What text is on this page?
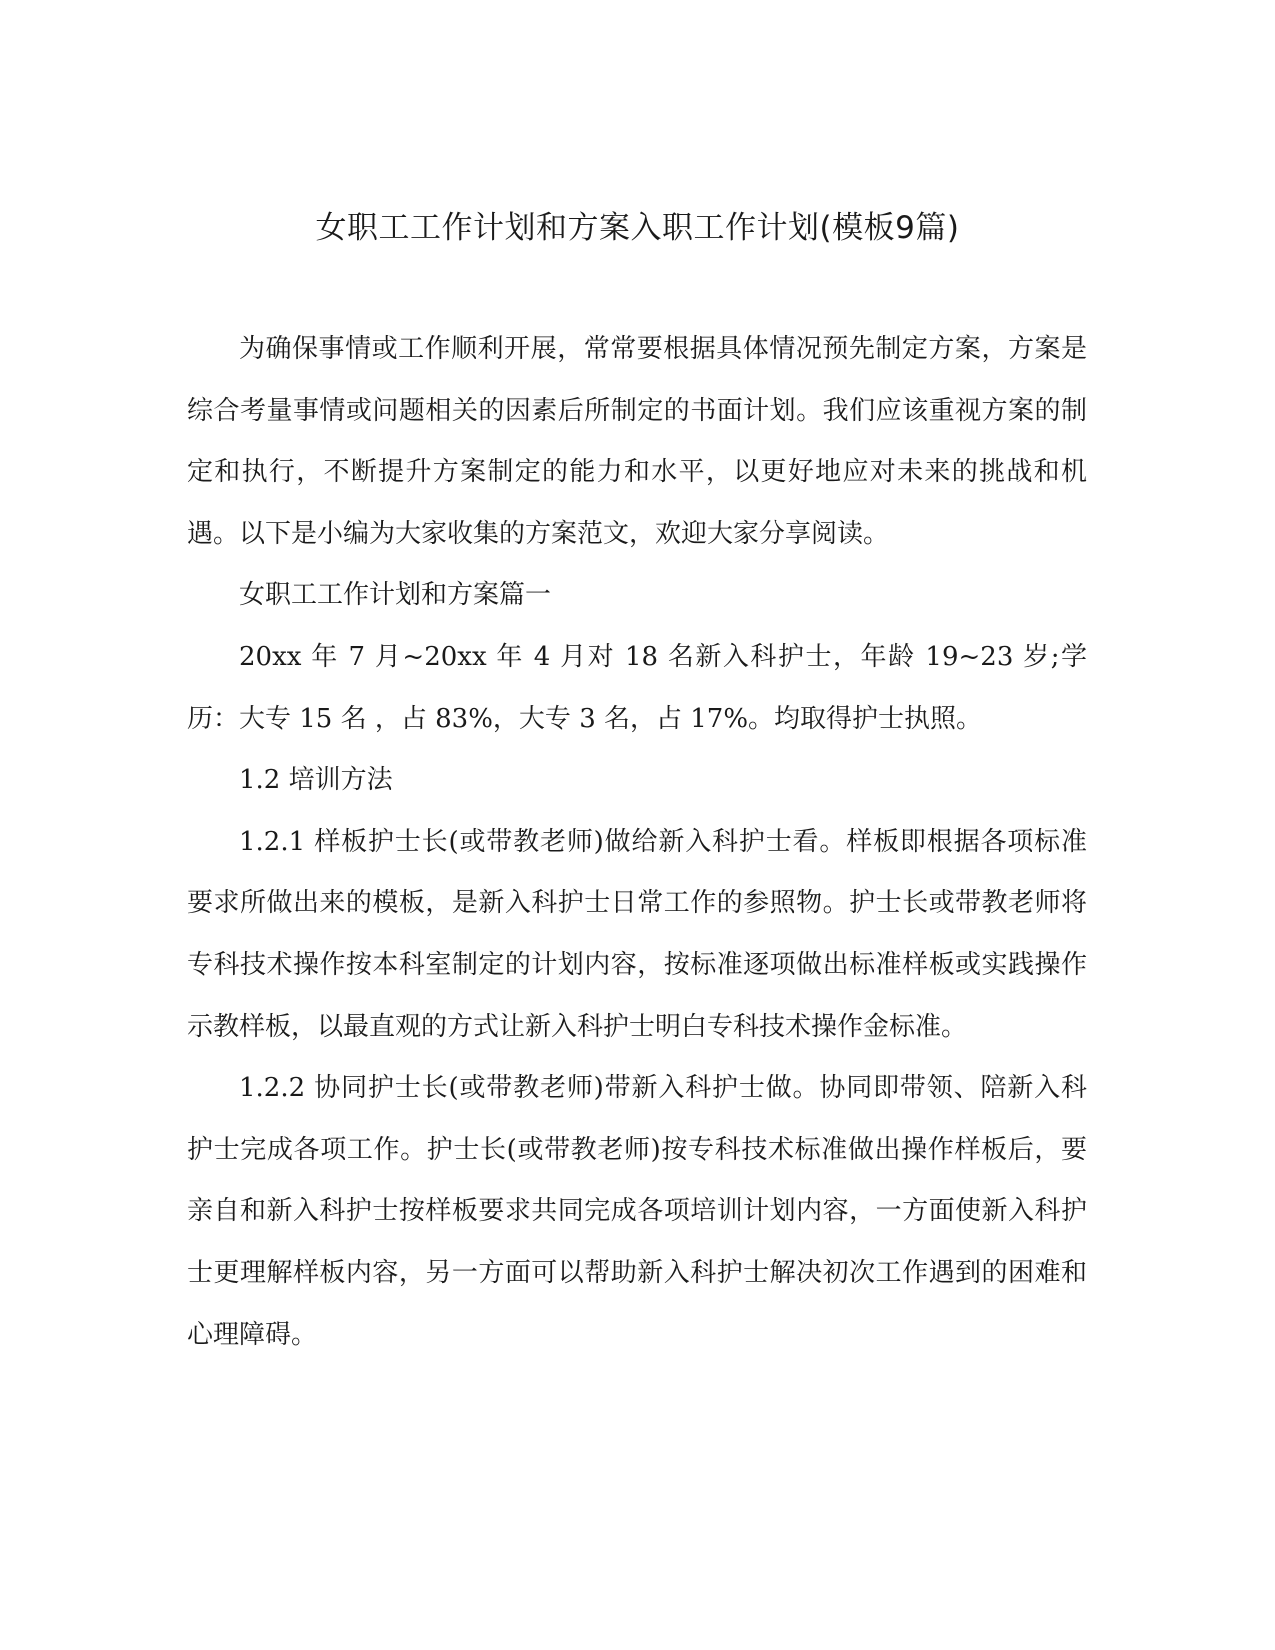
女职工工作计划和方案入职工作计划(模板9篇)

为确保事情或工作顺利开展，常常要根据具体情况预先制定方案，方案是综合考量事情或问题相关的因素后所制定的书面计划。我们应该重视方案的制定和执行，不断提升方案制定的能力和水平，以更好地应对未来的挑战和机遇。以下是小编为大家收集的方案范文，欢迎大家分享阅读。

女职工工作计划和方案篇一

20xx 年 7 月~20xx 年 4 月对 18 名新入科护士，年龄 19~23 岁;学历：大专 15 名 ，占 83%，大专 3 名，占 17%。均取得护士执照。

1.2 培训方法

1.2.1 样板护士长(或带教老师)做给新入科护士看。样板即根据各项标准要求所做出来的模板，是新入科护士日常工作的参照物。护士长或带教老师将专科技术操作按本科室制定的计划内容，按标准逐项做出标准样板或实践操作示教样板，以最直观的方式让新入科护士明白专科技术操作金标准。

1.2.2 协同护士长(或带教老师)带新入科护士做。协同即带领、陪新入科护士完成各项工作。护士长(或带教老师)按专科技术标准做出操作样板后，要亲自和新入科护士按样板要求共同完成各项培训计划内容，一方面使新入科护士更理解样板内容，另一方面可以帮助新入科护士解决初次工作遇到的困难和心理障碍。
